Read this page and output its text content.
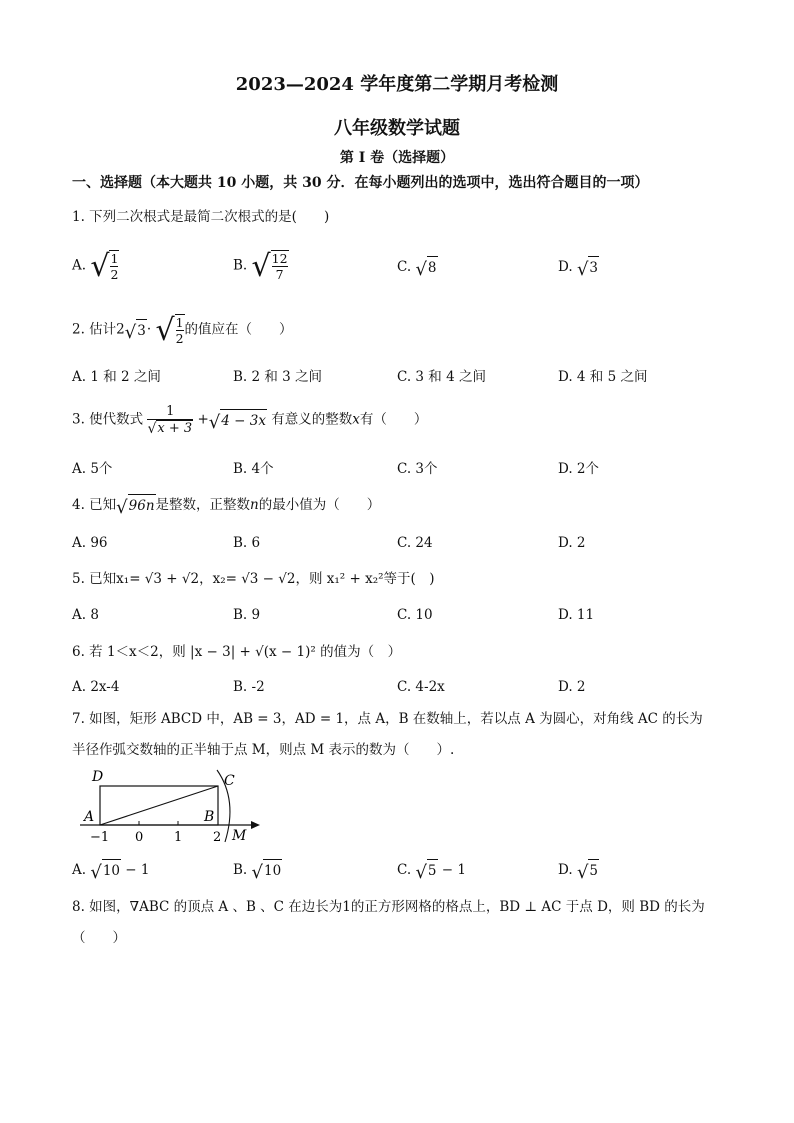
2023—2024 学年度第二学期月考检测
八年级数学试题
第 I 卷（选择题）
一、选择题（本大题共 10 小题，共 30 分．在每小题列出的选项中，选出符合题目的一项）
1. 下列二次根式是最简二次根式的是(　　)
A. √ $\frac{1}{2}$	B. √ $\frac{12}{7}$	C. √ 8	D. √ 3
2. 估计2 √ 3 · √ $\frac{1}{2}$ 的值应在（　　）
A. 1 和 2 之间	B. 2 和 3 之间	C. 3 和 4 之间	D. 4 和 5 之间
3. 使代数式 $\frac{1}{√ x + 3}$ + √ 4 − 3x 有意义的整数x有（　　）
A. 5个	B. 4个	C. 3个	D. 2个
4. 已知 √ 96n 是整数，正整数n的最小值为（　　）
A. 96	B. 6	C. 24	D. 2
5. 已知x₁= √3 + √2，x₂= √3 − √2，则 x₁² + x₂²等于(　)
A. 8	B. 9	C. 10	D. 11
6. 若 1＜x＜2，则 |x − 3| + √(x − 1)² 的值为（　）
A. 2x-4	B. -2	C. 4-2x	D. 2
7. 如图，矩形 ABCD 中，AB = 3，AD = 1，点 A，B 在数轴上，若以点 A 为圆心，对角线 AC 的长为
半径作弧交数轴的正半轴于点 M，则点 M 表示的数为（　　）.
D	C
A	B
M
−1 0 1 2
A. √ 10 − 1	B. √ 10	C. √ 5 − 1	D. √ 5
8. 如图，∇ABC 的顶点 A 、B 、C 在边长为1的正方形网格的格点上，BD ⊥ AC 于点 D，则 BD 的长为
（　　）
